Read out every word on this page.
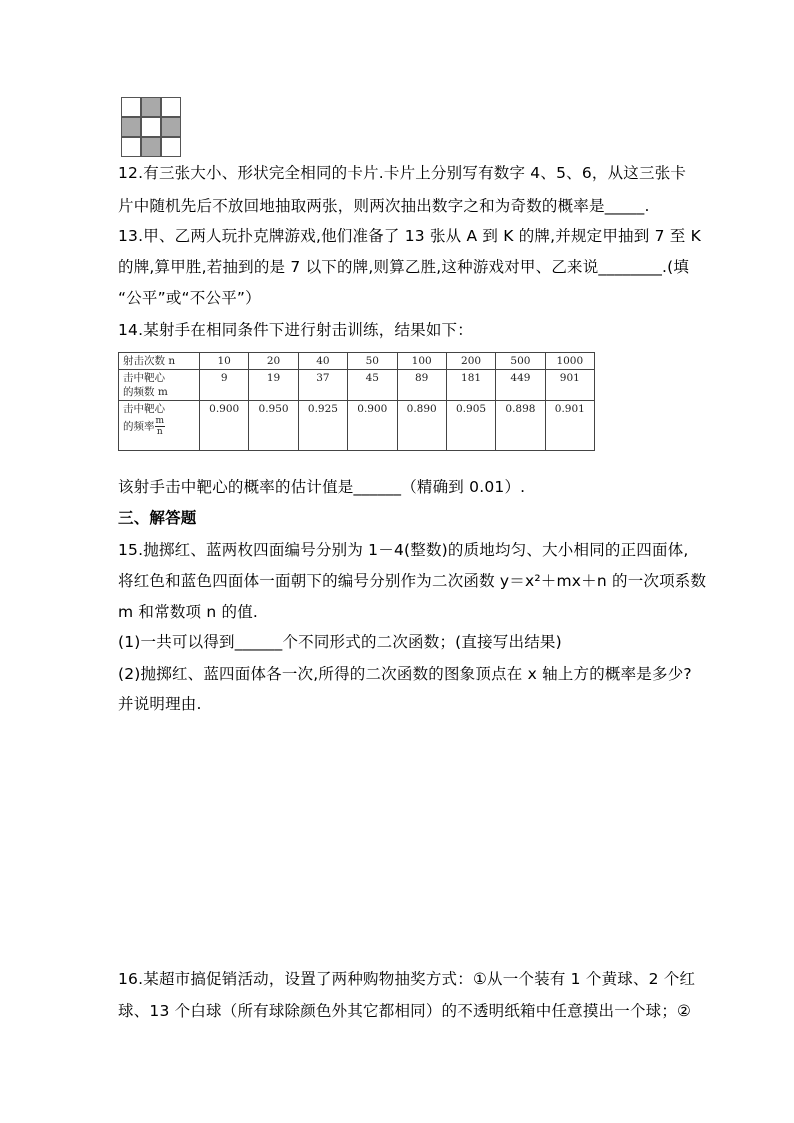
12.有三张大小、形状完全相同的卡片.卡片上分别写有数字 4、5、6，从这三张卡
片中随机先后不放回地抽取两张，则两次抽出数字之和为奇数的概率是_____.
13.甲、乙两人玩扑克牌游戏,他们准备了 13 张从 A 到 K 的牌,并规定甲抽到 7 至 K
的牌,算甲胜,若抽到的是 7 以下的牌,则算乙胜,这种游戏对甲、乙来说________.(填
“公平”或“不公平”）
14.某射手在相同条件下进行射击训练，结果如下：
射击次数 n	10	20	40	50	100	200	500	1000
击中靶心
的频数 m	9	19	37	45	89	181	449	901
击中靶心
的频率 $\frac{m}{n}$	0.900	0.950	0.925	0.900	0.890	0.905	0.898	0.901
该射手击中靶心的概率的估计值是______（精确到 0.01）.
三、解答题
15.抛掷红、蓝两枚四面编号分别为 1－4(整数)的质地均匀、大小相同的正四面体,
将红色和蓝色四面体一面朝下的编号分别作为二次函数 y＝x²＋mx＋n 的一次项系数
m 和常数项 n 的值.
(1)一共可以得到______个不同形式的二次函数；(直接写出结果)
(2)抛掷红、蓝四面体各一次,所得的二次函数的图象顶点在 x 轴上方的概率是多少?
并说明理由.
16.某超市搞促销活动，设置了两种购物抽奖方式：①从一个装有 1 个黄球、2 个红
球、13 个白球（所有球除颜色外其它都相同）的不透明纸箱中任意摸出一个球；②
